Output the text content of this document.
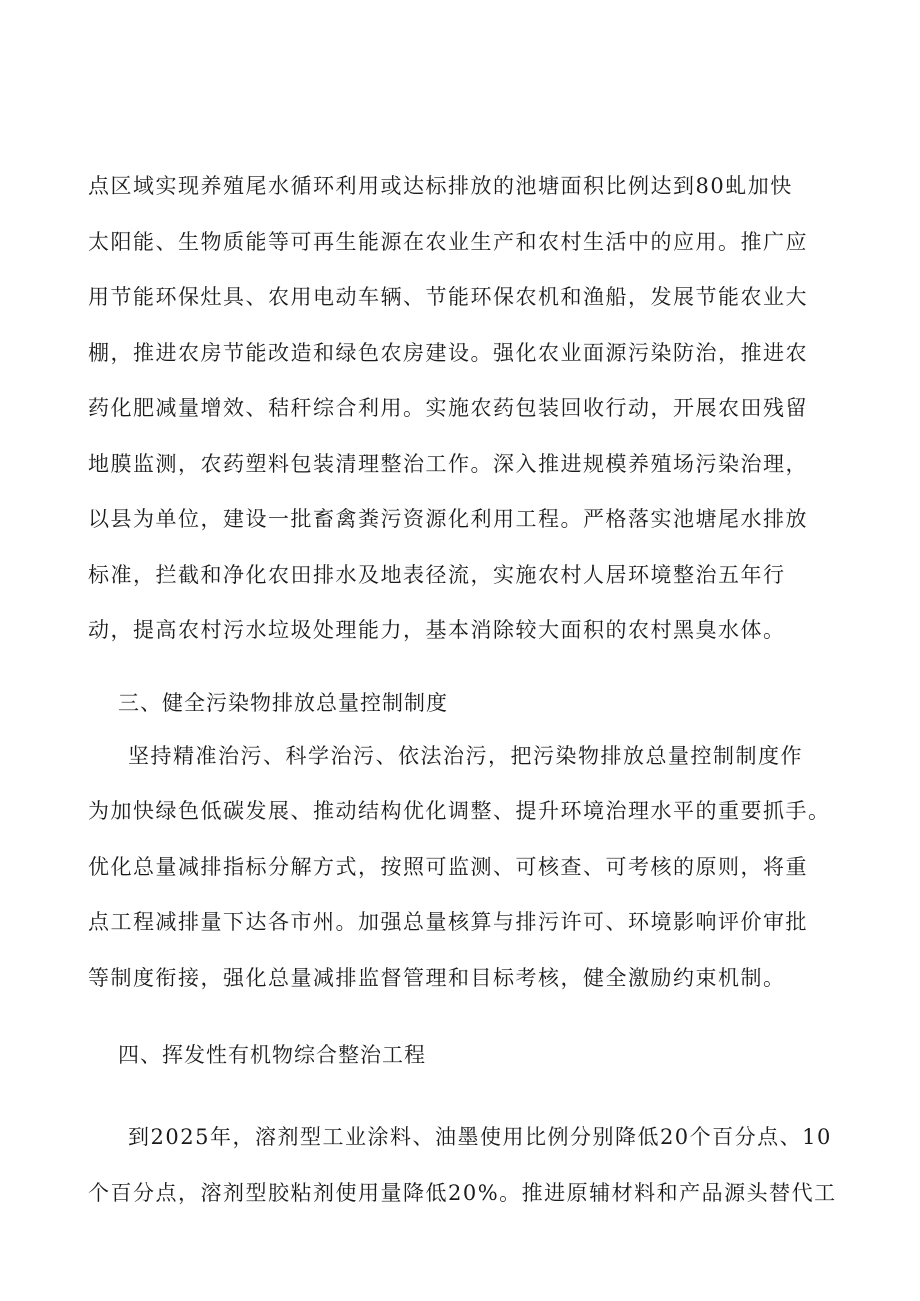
点区域实现养殖尾水循环利用或达标排放的池塘面积比例达到80虬加快
太阳能、生物质能等可再生能源在农业生产和农村生活中的应用。推广应
用节能环保灶具、农用电动车辆、节能环保农机和渔船，发展节能农业大
棚，推进农房节能改造和绿色农房建设。强化农业面源污染防治，推进农
药化肥减量增效、秸秆综合利用。实施农药包装回收行动，开展农田残留
地膜监测，农药塑料包装清理整治工作。深入推进规模养殖场污染治理，
以县为单位，建设一批畜禽粪污资源化利用工程。严格落实池塘尾水排放
标准，拦截和净化农田排水及地表径流，实施农村人居环境整治五年行
动，提高农村污水垃圾处理能力，基本消除较大面积的农村黑臭水体。
三、健全污染物排放总量控制制度
坚持精准治污、科学治污、依法治污，把污染物排放总量控制制度作
为加快绿色低碳发展、推动结构优化调整、提升环境治理水平的重要抓手。
优化总量减排指标分解方式，按照可监测、可核查、可考核的原则，将重
点工程减排量下达各市州。加强总量核算与排污许可、环境影响评价审批
等制度衔接，强化总量减排监督管理和目标考核，健全激励约束机制。
四、挥发性有机物综合整治工程
到2025年，溶剂型工业涂料、油墨使用比例分别降低20个百分点、10
个百分点，溶剂型胶粘剂使用量降低20%。推进原辅材料和产品源头替代工
